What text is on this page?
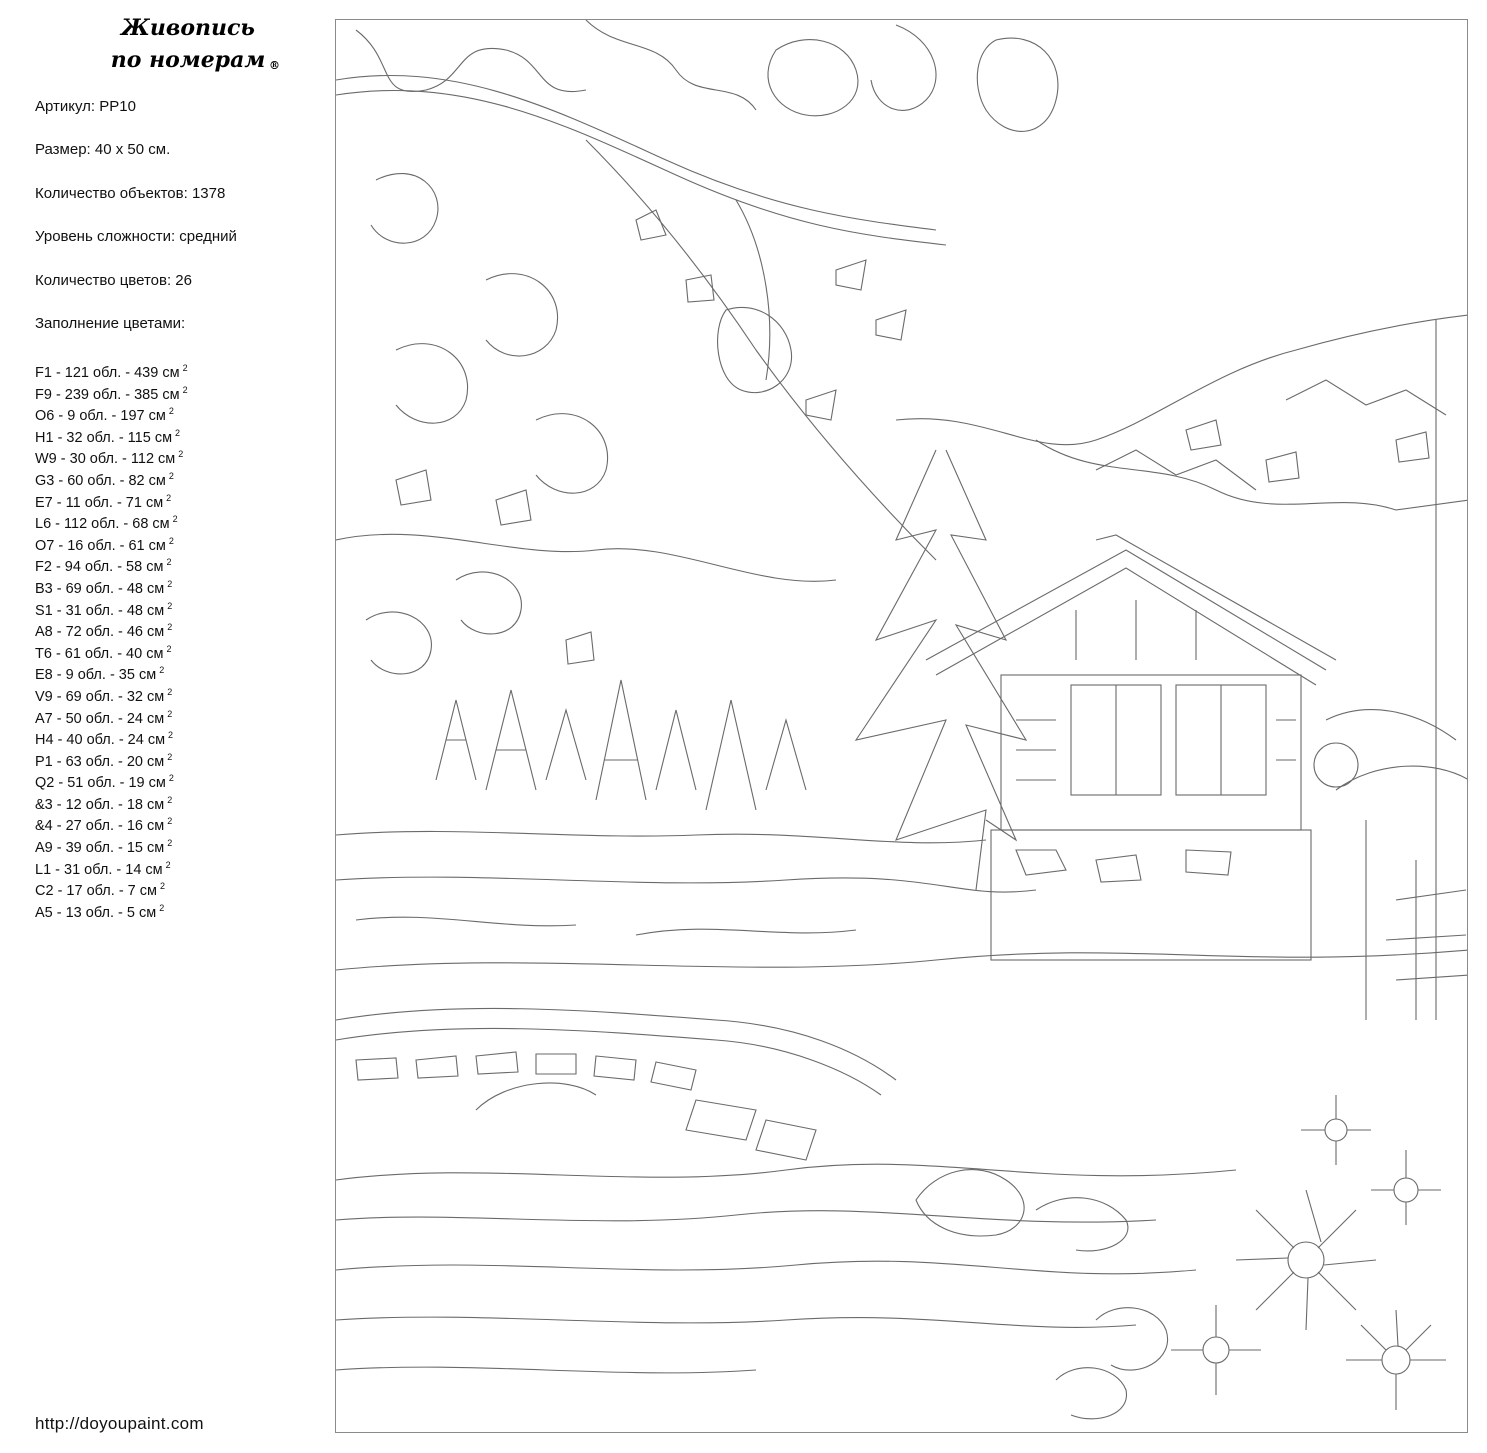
Живопись
по номерам ®
Артикул: PP10
Размер: 40 х 50 см.
Количество объектов: 1378
Уровень сложности: средний
Количество цветов: 26
Заполнение цветами:
F1 - 121 обл. - 439 см $^2$
F9 - 239 обл. - 385 см $^2$
O6 - 9 обл. - 197 см $^2$
H1 - 32 обл. - 115 см $^2$
W9 - 30 обл. - 112 см $^2$
G3 - 60 обл. - 82 см $^2$
E7 - 11 обл. - 71 см $^2$
L6 - 112 обл. - 68 см $^2$
O7 - 16 обл. - 61 см $^2$
F2 - 94 обл. - 58 см $^2$
B3 - 69 обл. - 48 см $^2$
S1 - 31 обл. - 48 см $^2$
A8 - 72 обл. - 46 см $^2$
T6 - 61 обл. - 40 см $^2$
E8 - 9 обл. - 35 см $^2$
V9 - 69 обл. - 32 см $^2$
A7 - 50 обл. - 24 см $^2$
H4 - 40 обл. - 24 см $^2$
P1 - 63 обл. - 20 см $^2$
Q2 - 51 обл. - 19 см $^2$
&3 - 12 обл. - 18 см $^2$
&4 - 27 обл. - 16 см $^2$
A9 - 39 обл. - 15 см $^2$
L1 - 31 обл. - 14 см $^2$
C2 - 17 обл. - 7 см $^2$
A5 - 13 обл. - 5 см $^2$
http://doyoupaint.com
